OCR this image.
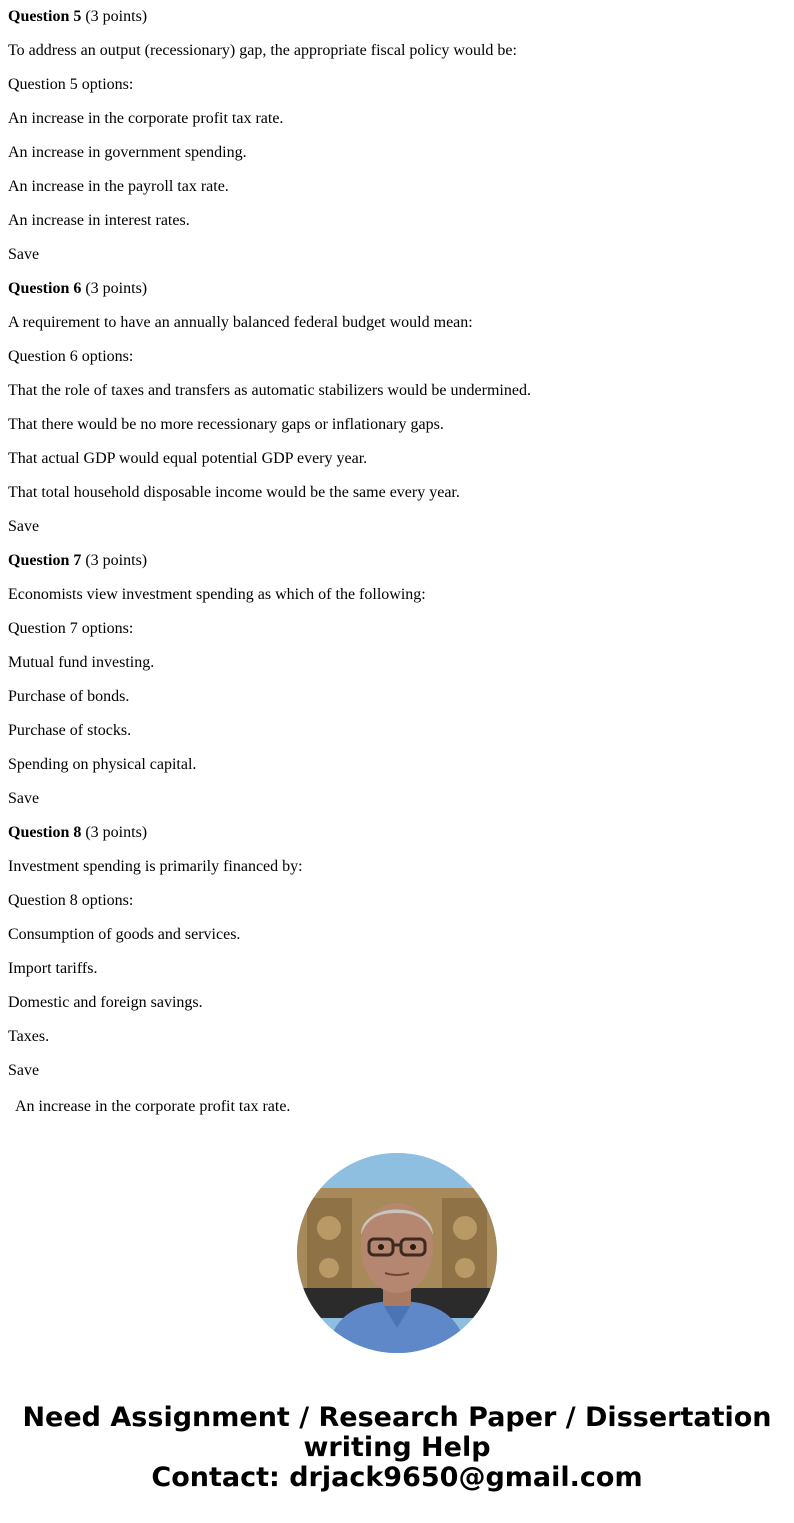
Question 5 (3 points)
To address an output (recessionary) gap, the appropriate fiscal policy would be:
Question 5 options:
An increase in the corporate profit tax rate.
An increase in government spending.
An increase in the payroll tax rate.
An increase in interest rates.
Save
Question 6 (3 points)
A requirement to have an annually balanced federal budget would mean:
Question 6 options:
That the role of taxes and transfers as automatic stabilizers would be undermined.
That there would be no more recessionary gaps or inflationary gaps.
That actual GDP would equal potential GDP every year.
That total household disposable income would be the same every year.
Save
Question 7 (3 points)
Economists view investment spending as which of the following:
Question 7 options:
Mutual fund investing.
Purchase of bonds.
Purchase of stocks.
Spending on physical capital.
Save
Question 8 (3 points)
Investment spending is primarily financed by:
Question 8 options:
Consumption of goods and services.
Import tariffs.
Domestic and foreign savings.
Taxes.
Save
An increase in the corporate profit tax rate.
Need Assignment / Research Paper / Dissertation
writing Help
Contact: drjack9650@gmail.com
